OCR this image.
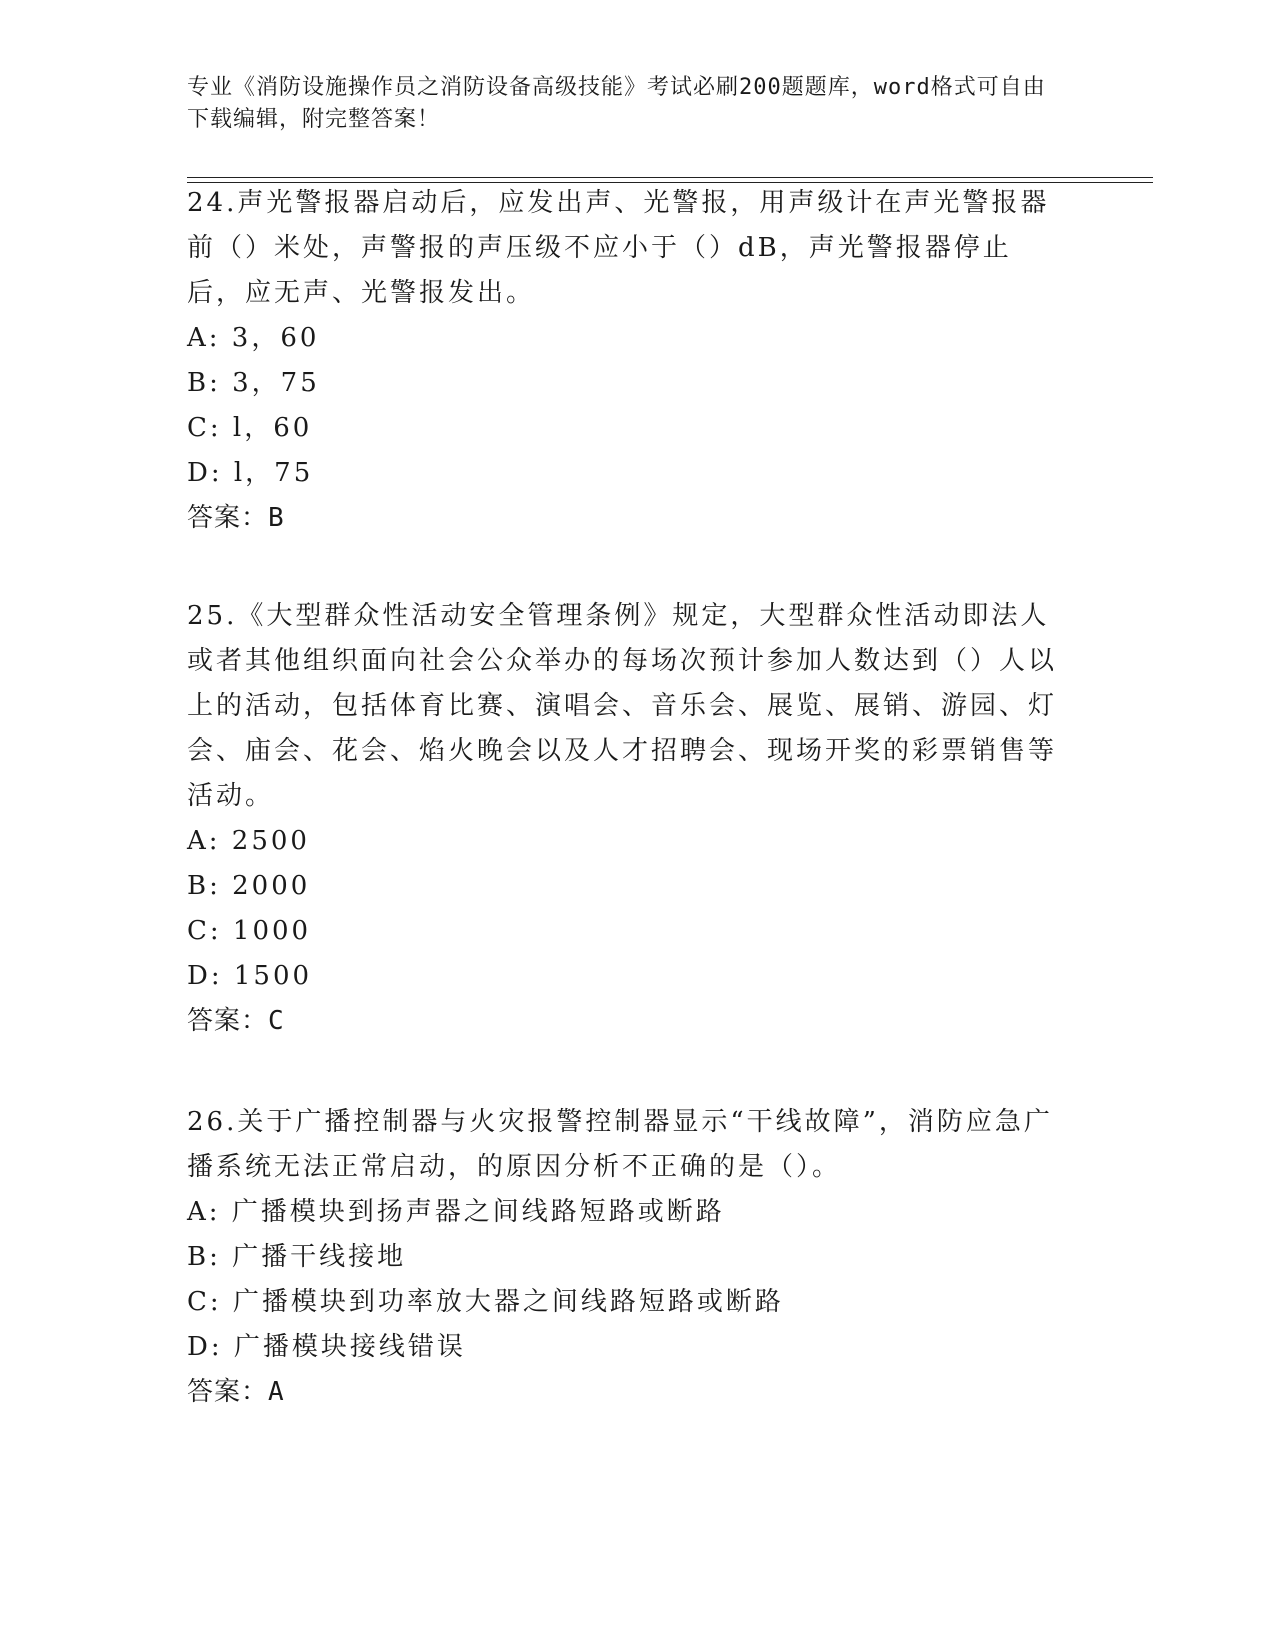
专业《消防设施操作员之消防设备高级技能》考试必刷200题题库，word格式可自由下载编辑，附完整答案！

24.声光警报器启动后，应发出声、光警报，用声级计在声光警报器前（）米处，声警报的声压级不应小于（）dB，声光警报器停止后，应无声、光警报发出。

A: 3，60

B: 3，75

C: l，60

D: l，75

答案：B

25.《大型群众性活动安全管理条例》规定，大型群众性活动即法人或者其他组织面向社会公众举办的每场次预计参加人数达到（）人以上的活动，包括体育比赛、演唱会、音乐会、展览、展销、游园、灯会、庙会、花会、焰火晚会以及人才招聘会、现场开奖的彩票销售等活动。

A: 2500

B: 2000

C: 1000

D: 1500

答案：C

26.关于广播控制器与火灾报警控制器显示“干线故障”，消防应急广播系统无法正常启动，的原因分析不正确的是（）。

A: 广播模块到扬声器之间线路短路或断路

B: 广播干线接地

C: 广播模块到功率放大器之间线路短路或断路

D: 广播模块接线错误

答案：A
